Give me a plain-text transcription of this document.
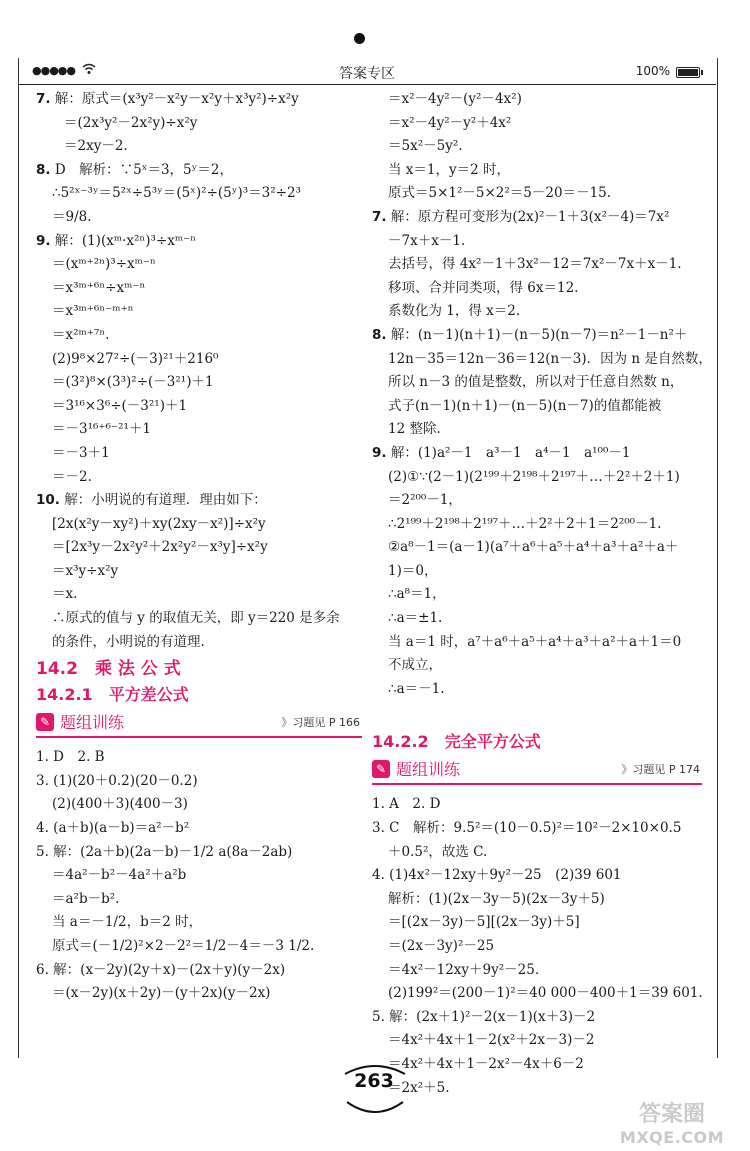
●●●●●	答案专区	100%
7. 解：原式＝(x³y²－x²y－x²y＋x³y²)÷x²y
＝(2x³y²－2x²y)÷x²y
＝2xy－2.
8. D　解析：∵5ˣ＝3，5ʸ＝2，
∴5²ˣ⁻³ʸ＝5²ˣ÷5³ʸ＝(5ˣ)²÷(5ʸ)³＝3²÷2³
＝9/8.
9. 解：(1)(xᵐ·x²ⁿ)³÷xᵐ⁻ⁿ
＝(xᵐ⁺²ⁿ)³÷xᵐ⁻ⁿ
＝x³ᵐ⁺⁶ⁿ÷xᵐ⁻ⁿ
＝x³ᵐ⁺⁶ⁿ⁻ᵐ⁺ⁿ
＝x²ᵐ⁺⁷ⁿ.
(2)9⁸×27²÷(－3)²¹＋216⁰
＝(3²)⁸×(3³)²÷(－3²¹)＋1
＝3¹⁶×3⁶÷(－3²¹)＋1
＝－3¹⁶⁺⁶⁻²¹＋1
＝－3＋1
＝－2.
10. 解：小明说的有道理．理由如下：
[2x(x²y－xy²)＋xy(2xy－x²)]÷x²y
＝[2x³y－2x²y²＋2x²y²－x³y]÷x²y
＝x³y÷x²y
＝x.
∴原式的值与 y 的取值无关，即 y＝220 是多余
的条件，小明说的有道理.
14.2　乘 法 公 式
14.2.1　平方差公式
✎ 题组训练	》习题见 P 166
1. D　2. B
3. (1)(20＋0.2)(20－0.2)
(2)(400＋3)(400－3)
4. (a＋b)(a－b)＝a²－b²
5. 解：(2a＋b)(2a－b)－1/2 a(8a－2ab)
＝4a²－b²－4a²＋a²b
＝a²b－b².
当 a＝－1/2，b＝2 时，
原式＝(－1/2)²×2－2²＝1/2－4＝－3 1/2.
6. 解：(x－2y)(2y＋x)－(2x＋y)(y－2x)
＝(x－2y)(x＋2y)－(y＋2x)(y－2x)
＝x²－4y²－(y²－4x²)
＝x²－4y²－y²＋4x²
＝5x²－5y².
当 x＝1，y＝2 时，
原式＝5×1²－5×2²＝5－20＝－15.
7. 解：原方程可变形为(2x)²－1＋3(x²－4)＝7x²
－7x＋x－1.
去括号，得 4x²－1＋3x²－12＝7x²－7x＋x－1.
移项、合并同类项，得 6x＝12.
系数化为 1，得 x＝2.
8. 解：(n－1)(n＋1)－(n－5)(n－7)＝n²－1－n²＋
12n－35＝12n－36＝12(n－3)．因为 n 是自然数，
所以 n－3 的值是整数，所以对于任意自然数 n，
式子(n－1)(n＋1)－(n－5)(n－7)的值都能被
12 整除.
9. 解：(1)a²－1　a³－1　a⁴－1　a¹⁰⁰－1
(2)①∵(2－1)(2¹⁹⁹＋2¹⁹⁸＋2¹⁹⁷＋…＋2²＋2＋1)
＝2²⁰⁰－1，
∴2¹⁹⁹＋2¹⁹⁸＋2¹⁹⁷＋…＋2²＋2＋1＝2²⁰⁰－1.
②a⁸－1＝(a－1)(a⁷＋a⁶＋a⁵＋a⁴＋a³＋a²＋a＋
1)＝0，
∴a⁸＝1，
∴a＝±1.
当 a＝1 时，a⁷＋a⁶＋a⁵＋a⁴＋a³＋a²＋a＋1＝0
不成立，
∴a＝－1.
14.2.2　完全平方公式
✎ 题组训练	》习题见 P 174
1. A　2. D
3. C　解析：9.5²＝(10－0.5)²＝10²－2×10×0.5
＋0.5²，故选 C.
4. (1)4x²－12xy＋9y²－25　(2)39 601
解析：(1)(2x－3y－5)(2x－3y＋5)
＝[(2x－3y)－5][(2x－3y)＋5]
＝(2x－3y)²－25
＝4x²－12xy＋9y²－25.
(2)199²＝(200－1)²＝40 000－400＋1＝39 601.
5. 解：(2x＋1)²－2(x－1)(x＋3)－2
＝4x²＋4x＋1－2(x²＋2x－3)－2
＝4x²＋4x＋1－2x²－4x＋6－2
＝2x²＋5.
263
答案圈
MXQE.COM
